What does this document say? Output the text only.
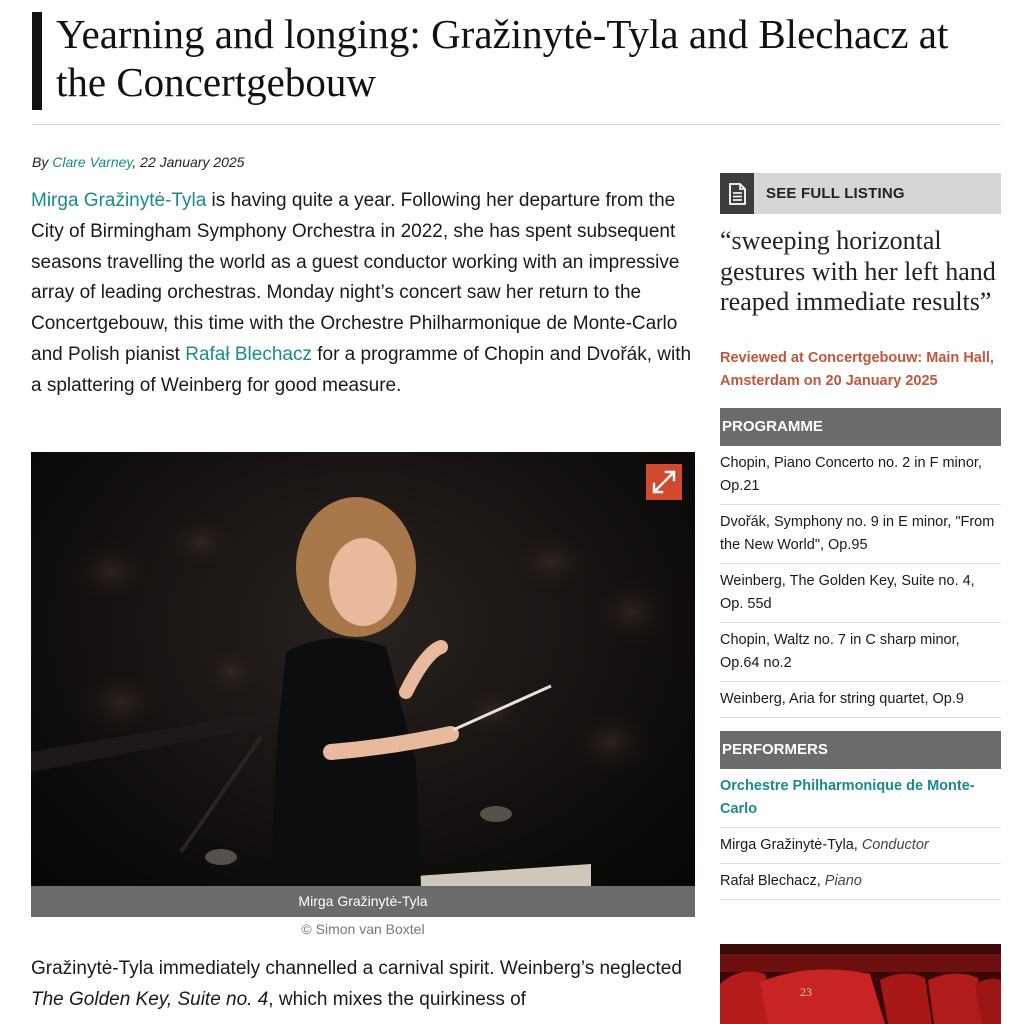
Yearning and longing: Gražinytė-Tyla and Blechacz at the Concertgebouw
By Clare Varney, 22 January 2025

Mirga Gražinytė-Tyla is having quite a year. Following her departure from the City of Birmingham Symphony Orchestra in 2022, she has spent subsequent seasons travelling the world as a guest conductor working with an impressive array of leading orchestras. Monday night’s concert saw her return to the Concertgebouw, this time with the Orchestre Philharmonique de Monte-Carlo and Polish pianist Rafał Blechacz for a programme of Chopin and Dvořák, with a splattering of Weinberg for good measure.

Mirga Gražinytė-Tyla
© Simon van Boxtel

Gražinytė-Tyla immediately channelled a carnival spirit. Weinberg’s neglected The Golden Key, Suite no. 4, which mixes the quirkiness of

SEE FULL LISTING
“sweeping horizontal gestures with her left hand reaped immediate results”
Reviewed at Concertgebouw: Main Hall, Amsterdam on 20 January 2025
PROGRAMME
Chopin, Piano Concerto no. 2 in F minor, Op.21
Dvořák, Symphony no. 9 in E minor, "From the New World", Op.95
Weinberg, The Golden Key, Suite no. 4, Op. 55d
Chopin, Waltz no. 7 in C sharp minor, Op.64 no.2
Weinberg, Aria for string quartet, Op.9
PERFORMERS
Orchestre Philharmonique de Monte-Carlo
Mirga Gražinytė-Tyla, Conductor
Rafał Blechacz, Piano
23
